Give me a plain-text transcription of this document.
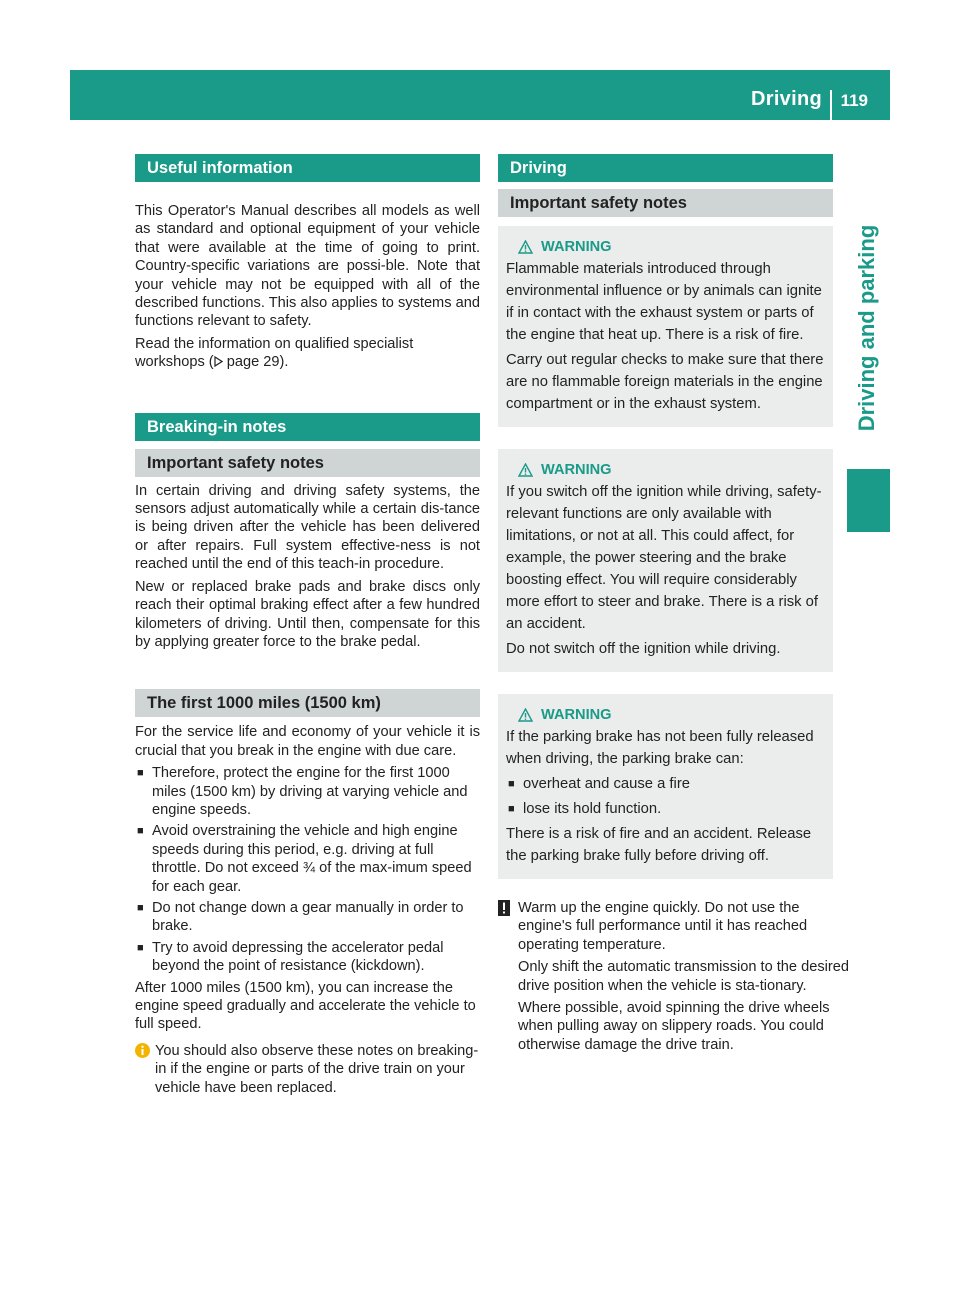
Driving 119
Driving and parking
Useful information

This Operator's Manual describes all models as well as standard and optional equipment of your vehicle that were available at the time of going to print. Country-specific variations are possi-ble. Note that your vehicle may not be equipped with all of the described functions. This also applies to systems and functions relevant to safety.

Read the information on qualified specialist workshops ( page 29).

Breaking-in notes
Important safety notes

In certain driving and driving safety systems, the sensors adjust automatically while a certain dis-tance is being driven after the vehicle has been delivered or after repairs. Full system effective-ness is not reached until the end of this teach-in procedure.

New or replaced brake pads and brake discs only reach their optimal braking effect after a few hundred kilometers of driving. Until then, compensate for this by applying greater force to the brake pedal.

The first 1000 miles (1500 km)

For the service life and economy of your vehicle it is crucial that you break in the engine with due care.

■ Therefore, protect the engine for the first 1000 miles (1500 km) by driving at varying vehicle and engine speeds.
■ Avoid overstraining the vehicle and high engine speeds during this period, e.g. driving at full throttle. Do not exceed ¾ of the max-imum speed for each gear.
■ Do not change down a gear manually in order to brake.
■ Try to avoid depressing the accelerator pedal beyond the point of resistance (kickdown).

After 1000 miles (1500 km), you can increase the engine speed gradually and accelerate the vehicle to full speed.

You should also observe these notes on breaking-in if the engine or parts of the drive train on your vehicle have been replaced.
Driving
Important safety notes
WARNING

Flammable materials introduced through environmental influence or by animals can ignite if in contact with the exhaust system or parts of the engine that heat up. There is a risk of fire.

Carry out regular checks to make sure that there are no flammable foreign materials in the engine compartment or in the exhaust system.

WARNING

If you switch off the ignition while driving, safety-relevant functions are only available with limitations, or not at all. This could affect, for example, the power steering and the brake boosting effect. You will require considerably more effort to steer and brake. There is a risk of an accident.

Do not switch off the ignition while driving.

WARNING

If the parking brake has not been fully released when driving, the parking brake can:

■ overheat and cause a fire
■ lose its hold function.

There is a risk of fire and an accident. Release the parking brake fully before driving off.

Warm up the engine quickly. Do not use the engine's full performance until it has reached operating temperature.

Only shift the automatic transmission to the desired drive position when the vehicle is sta-tionary.

Where possible, avoid spinning the drive wheels when pulling away on slippery roads. You could otherwise damage the drive train.
